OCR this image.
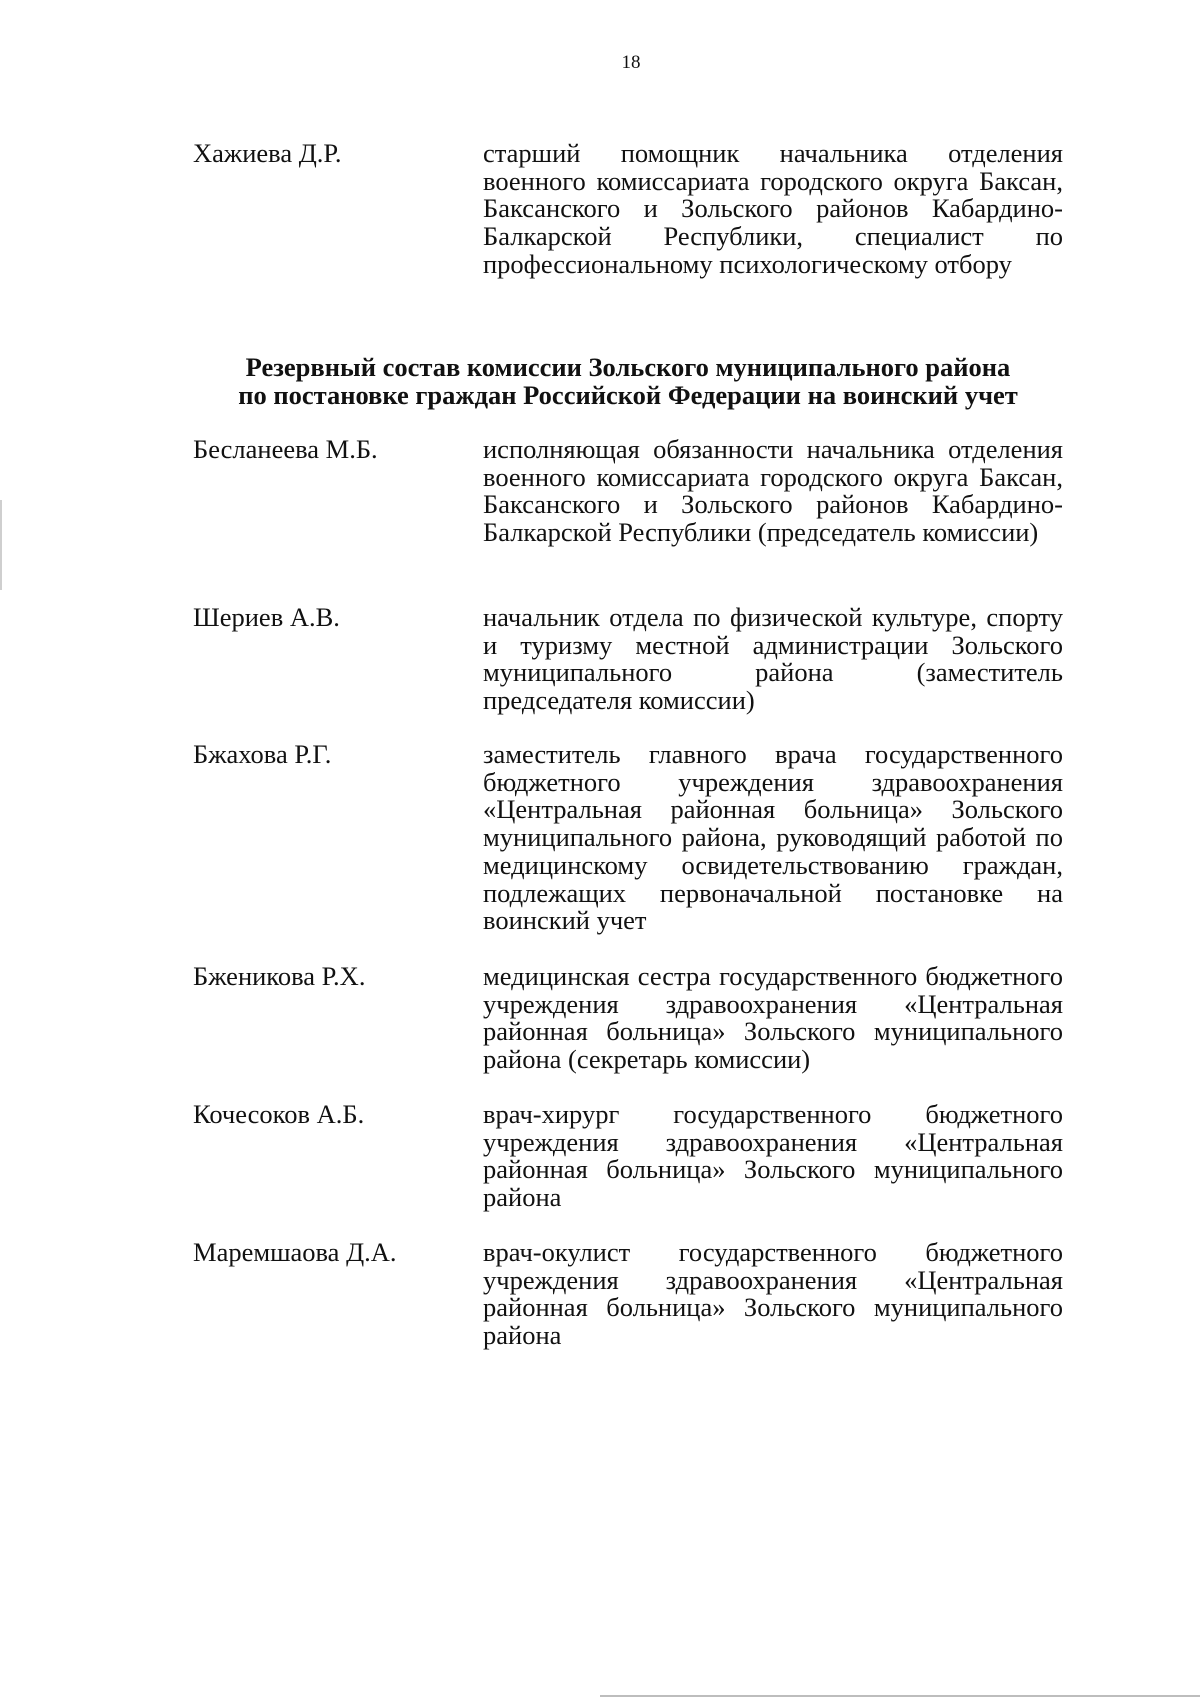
18
Хажиева Д.Р.	старший помощник начальника отделения военного комиссариата городского округа Баксан, Баксанского и Зольского районов Кабардино-Балкарской Республики, специалист по профессиональному психологическому отбору
Резервный состав комиссии Зольского муниципального района
по постановке граждан Российской Федерации на воинский учет
Бесланеева М.Б.	исполняющая обязанности начальника отделения военного комиссариата городского округа Баксан, Баксанского и Зольского районов Кабардино-Балкарской Республики (председатель комиссии)
Шериев А.В.	начальник отдела по физической культуре, спорту и туризму местной администрации Зольского муниципального района (заместитель председателя комиссии)
Бжахова Р.Г.	заместитель главного врача государственного бюджетного учреждения здравоохранения «Центральная районная больница» Зольского муниципального района, руководящий работой по медицинскому освидетельствованию граждан, подлежащих первоначальной постановке на воинский учет
Бженикова Р.Х.	медицинская сестра государственного бюджетного учреждения здравоохранения «Центральная районная больница» Зольского муниципального района (секретарь комиссии)
Кочесоков А.Б.	врач-хирург государственного бюджетного учреждения здравоохранения «Центральная районная больница» Зольского муниципального района
Маремшаова Д.А.	врач-окулист государственного бюджетного учреждения здравоохранения «Центральная районная больница» Зольского муниципального района
